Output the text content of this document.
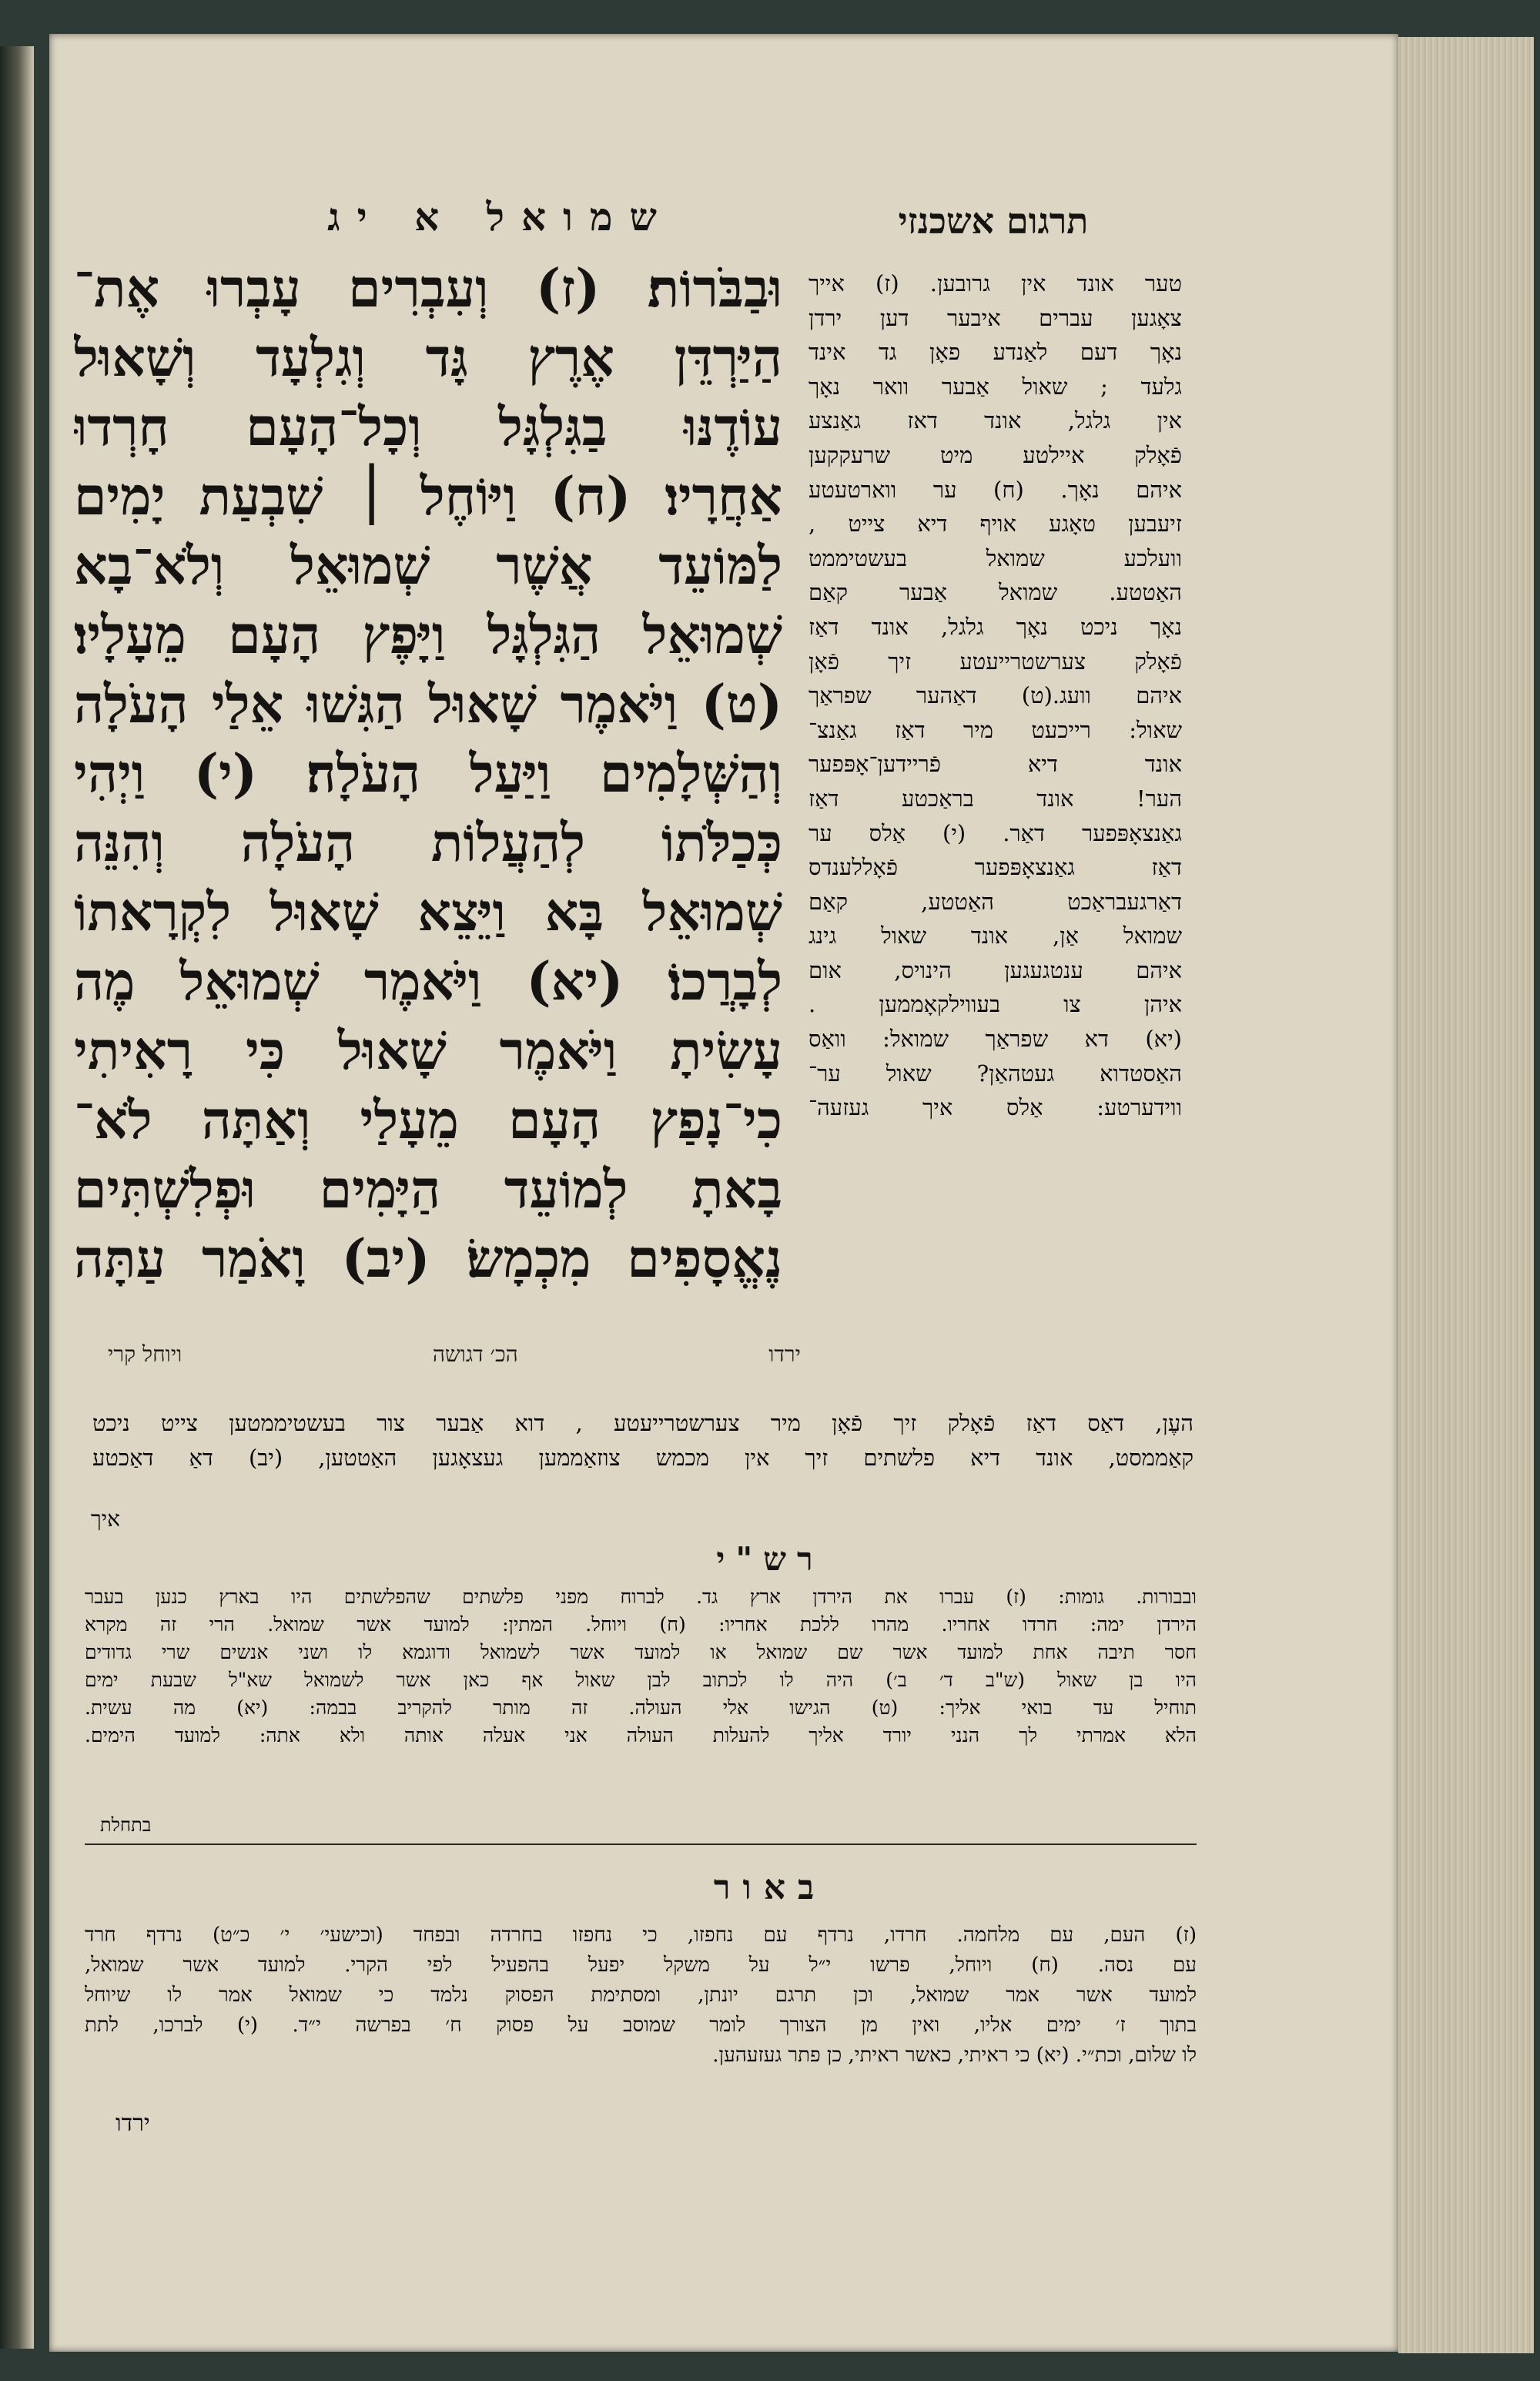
שמואל א יג	תרגום אשכנזי
וּבַבֹּרוֹת׃ (ז) וְעִבְרִים עָבְרוּ אֶת־
הַיַּרְדֵּן אֶרֶץ גָּד וְגִלְעָד וְשָׁאוּל
עוֹדֶנּוּ בַגִּלְגָּל וְכָל־הָעָם חָרְדוּ
אַחֲרָיו׃ (ח) וַיּוֹחֶל ׀ שִׁבְעַת יָמִים
לַמּוֹעֵד אֲשֶׁר שְׁמוּאֵל וְלֹא־בָא
שְׁמוּאֵל הַגִּלְגָּל וַיָּפֶץ הָעָם מֵעָלָיו׃
(ט) וַיֹּאמֶר שָׁאוּל הַגִּשׁוּ אֵלַי הָעֹלָה
וְהַשְּׁלָמִים וַיַּעַל הָעֹלָה׃ (י) וַיְהִי
כְּכַלֹּתוֹ לְהַעֲלוֹת הָעֹלָה וְהִנֵּה
שְׁמוּאֵל בָּא וַיֵּצֵא שָׁאוּל לִקְרָאתוֹ
לְבָרֲכוֹ׃ (יא) וַיֹּאמֶר שְׁמוּאֵל מֶה
עָשִׂיתָ וַיֹּאמֶר שָׁאוּל כִּי רָאִיתִי
כִי־נָפַץ הָעָם מֵעָלַי וְאַתָּה לֹא־
בָאתָ לְמוֹעֵד הַיָּמִים וּפְלִשְׁתִּים
נֶאֱסָפִים מִכְמָשׂ׃ (יב) וָאֹמַר עַתָּה
ירדו
הכ׳ דגושה
ויוחל קרי
טער אונד אין גרובען. (ז) אייך
צאָגען עברים איבער דען ירדן
נאָך דעם לאַנדע פאָן גד אינד
גלעד ; שאול אַבער וואר נאָך
אין גלגל, אונד דאז גאַנצע
פֿאָלק איילטע מיט שרעקקען
איהם נאָך. (ח) ער ווארטעטע
זיעבען טאָגע אויף דיא צייט ,
וועלכע שמואל בעשטיממט
האַטטע. שמואל אַבער קאַם
נאָך ניכט נאָך גלגל, אונד דאַז
פֿאָלק צערשטרייעטע זיך פֿאָן
איהם וועג.(ט) דאַהער שפראַך
שאול: רייכעט מיר דאַז גאַנצ־
אונד דיא פֿריידען־אָפּפער
הער! אונד בראַכטע דאַז
גאַנצאָפּפער דאַר. (י) אַלס ער
דאַז גאַנצאָפּפער פֿאָללענדס
דאַרגעבראַכט האַטטע, קאַם
שמואל אַן, אונד שאול גינג
איהם ענטגעגען הינויס, אום
איהן צו בעווילקאָממען .
(יא) דא שפראַך שמואל: וואַס
האַסטדוא געטהאַן? שאול ער־
ווידערטע: אַלס איך געזעה־
העֶן, דאַס דאַז פֿאָלק זיך פֿאָן מיר צערשטרייעטע , דוא אַבער צור בעשטיממטען צייט ניכט
קאַממסט, אונד דיא פלשתים זיך אין מכמש צוזאַממען געצאָגען האַטטען, (יב) דאַ דאַכטע
איך
רש"י
ובבורות. גומות: (ז) עברו את הירדן ארץ גד. לברוח מפני פלשתים שהפלשתים היו בארץ כנען בעבר
הירדן ימה: חרדו אחריו. מהרו ללכת אחריו: (ח) ויוחל. המתין: למועד אשר שמואל. הרי זה מקרא
חסר תיבה אחת למועד אשר שם שמואל או למועד אשר לשמואל ודוגמא לו ושני אנשים שרי גדודים
היו בן שאול (ש"ב ד׳ ב׳) היה לו לכתוב לבן שאול אף כאן אשר לשמואל שא"ל שבעת ימים
תוחיל עד בואי אליך: (ט) הגישו אלי העולה. זה מותר להקריב בבמה: (יא) מה עשית.
הלא אמרתי לך הנני יורד אליך להעלות העולה אני אעלה אותה ולא אתה: למועד הימים.
בתחלת
באור
(ז) העם, עם מלחמה. חרדו, נרדף עם נחפזו, כי נחפזו בחרדה ובפחד (וכישעי׳ י׳ כ״ט) נרדף חרד
עם נסה. (ח) ויוחל, פרשו י״ל על משקל יפעל בהפעיל לפי הקרי. למועד אשר שמואל,
למועד אשר אמר שמואל, וכן תרגם יונתן, ומסתימת הפסוק נלמד כי שמואל אמר לו שיוחל
בתוך ז׳ ימים אליו, ואין מן הצורך לומר שמוסב על פסוק ח׳ בפרשה י״ד. (י) לברכו, לתת
לו שלום, וכת״י. (יא) כי ראיתי, כאשר ראיתי, כן פתר געזעהען.
ירדו
